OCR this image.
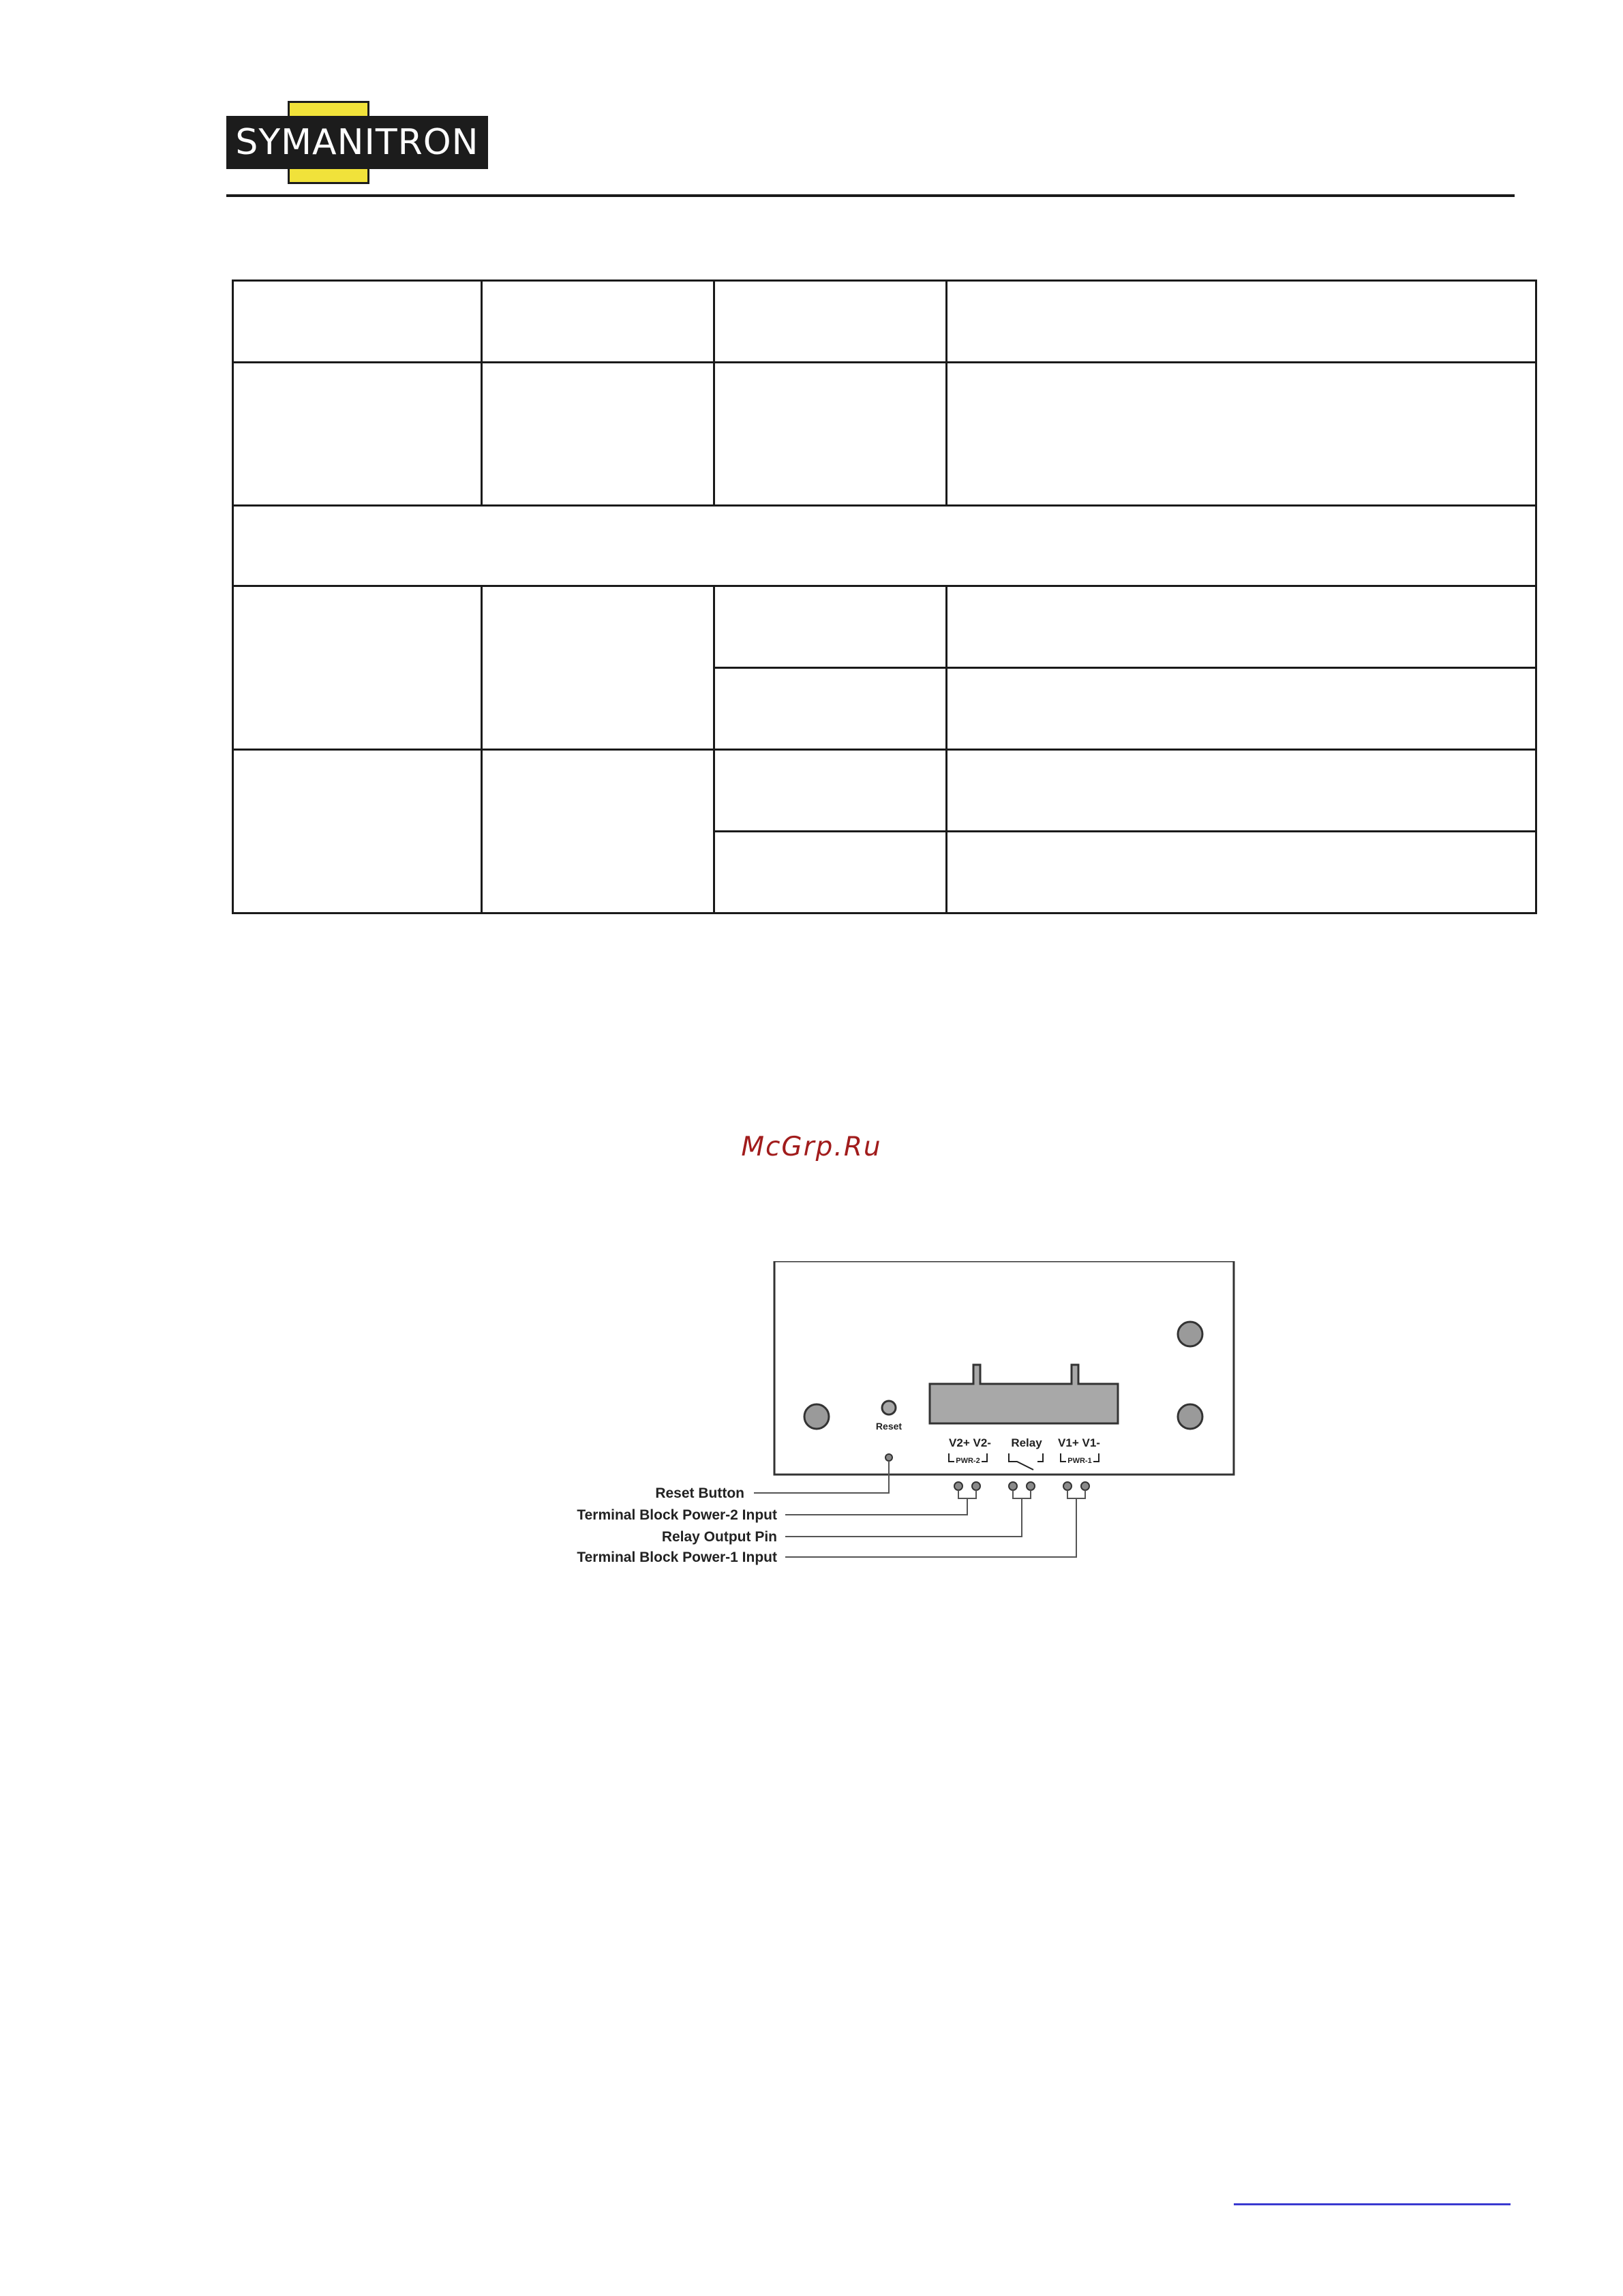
SYMANITRON

McGrp.Ru
Reset
V2+ V2- Relay V1+ V1-
PWR-2	PWR-1
Reset Button
Terminal Block Power-2 Input
Relay Output Pin
Terminal Block Power-1 Input
